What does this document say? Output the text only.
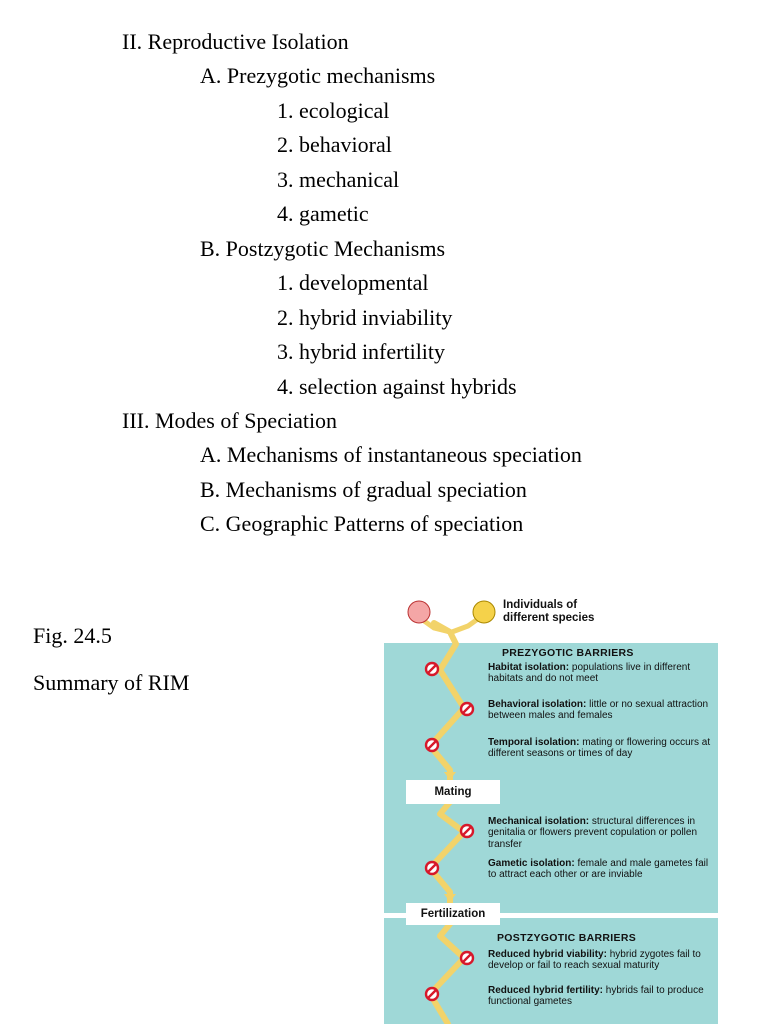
II. Reproductive Isolation
A. Prezygotic mechanisms
1. ecological
2. behavioral
3. mechanical
4. gametic
B. Postzygotic Mechanisms
1. developmental
2. hybrid inviability
3. hybrid infertility
4. selection against hybrids
III. Modes of Speciation
A. Mechanisms of instantaneous speciation
B. Mechanisms of gradual speciation
C. Geographic Patterns of speciation
Fig. 24.5
Summary of RIM
Individuals of
different species
PREZYGOTIC BARRIERS
Habitat isolation: populations live in different habitats and do not meet
Behavioral isolation: little or no sexual attraction between males and females
Temporal isolation: mating or flowering occurs at different seasons or times of day
Mating
Mechanical isolation: structural differences in genitalia or flowers prevent copulation or pollen transfer
Gametic isolation: female and male gametes fail to attract each other or are inviable
Fertilization
POSTZYGOTIC BARRIERS
Reduced hybrid viability: hybrid zygotes fail to develop or fail to reach sexual maturity
Reduced hybrid fertility: hybrids fail to produce functional gametes
